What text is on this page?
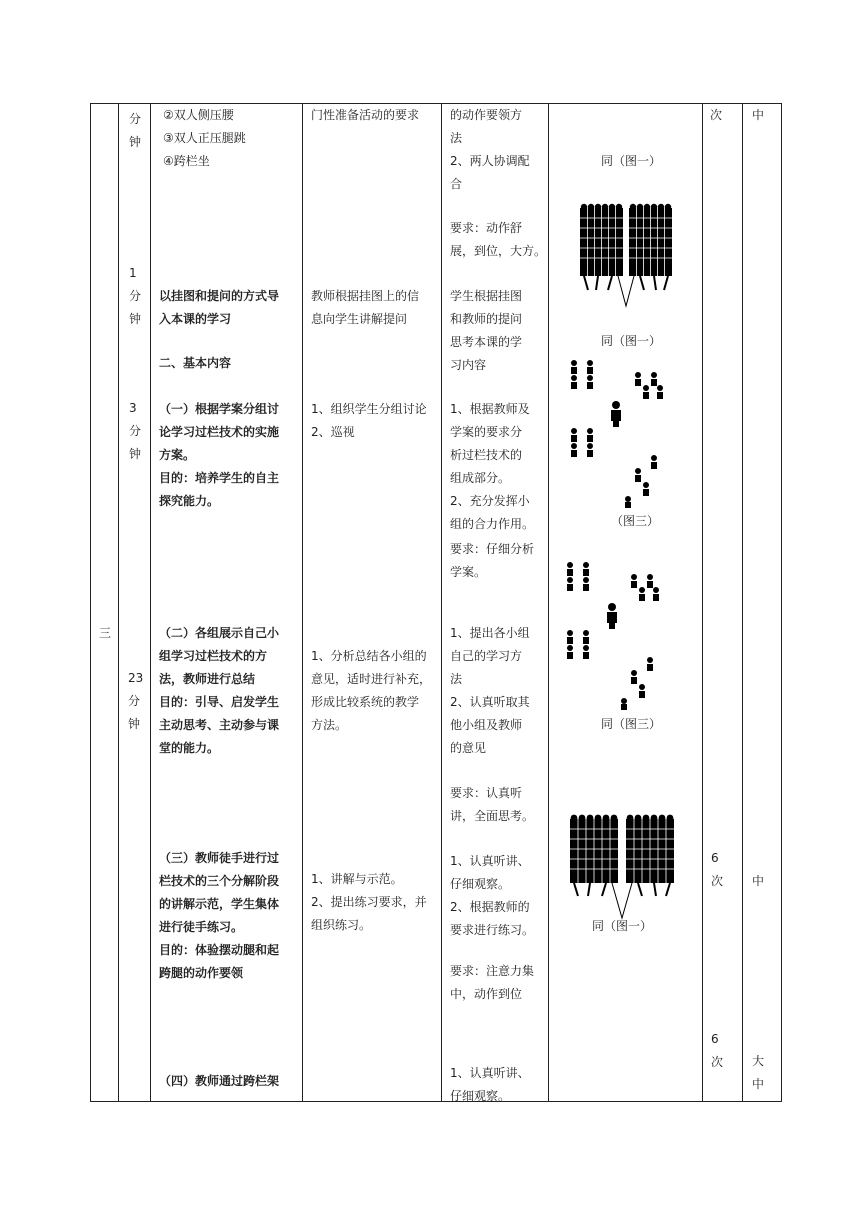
三
分
钟
1
分
钟
3
分
钟
23
分
钟
②双人侧压腰
③双人正压腿跳
④跨栏坐
以挂图和提问的方式导
入本课的学习
二、基本内容
（一）根据学案分组讨
论学习过栏技术的实施
方案。
目的：培养学生的自主
探究能力。
（二）各组展示自己小
组学习过栏技术的方
法，教师进行总结
目的：引导、启发学生
主动思考、主动参与课
堂的能力。
（三）教师徒手进行过
栏技术的三个分解阶段
的讲解示范，学生集体
进行徒手练习。
目的：体验摆动腿和起
跨腿的动作要领
（四）教师通过跨栏架
门性准备活动的要求
教师根据挂图上的信
息向学生讲解提问
1、组织学生分组讨论
2、巡视
1、分析总结各小组的
意见，适时进行补充，
形成比较系统的教学
方法。
1、讲解与示范。
2、提出练习要求，并
组织练习。
的动作要领方
法
2、两人协调配
合
要求：动作舒
展，到位，大方。
学生根据挂图
和教师的提问
思考本课的学
习内容
1、根据教师及
学案的要求分
析过栏技术的
组成部分。
2、充分发挥小
组的合力作用。
要求：仔细分析
学案。
1、提出各小组
自己的学习方
法
2、认真听取其
他小组及教师
的意见
要求：认真听
讲，全面思考。
1、认真听讲、
仔细观察。
2、根据教师的
要求进行练习。
要求：注意力集
中，动作到位
1、认真听讲、
仔细观察。
同（图一）
同（图一）
（图三）
同（图三）
同（图一）
次
6
次
6
次
中
中
大
中
